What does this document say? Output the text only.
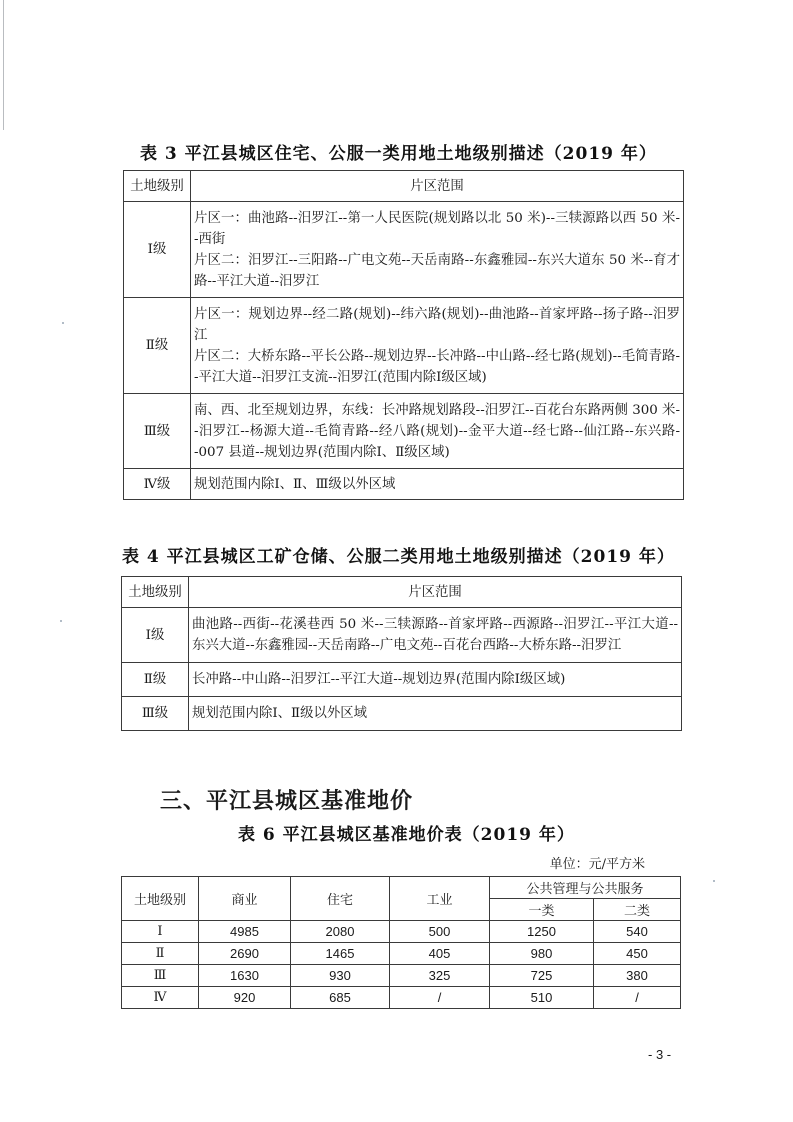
表 3 平江县城区住宅、公服一类用地土地级别描述（2019 年）
土地级别	片区范围
Ⅰ级	片区一：曲池路--汨罗江--第一人民医院(规划路以北 50 米)--三犊源路以西 50 米--西街
片区二：汨罗江--三阳路--广电文苑--天岳南路--东鑫雅园--东兴大道东 50 米--育才路--平江大道--汨罗江
Ⅱ级	片区一：规划边界--经二路(规划)--纬六路(规划)--曲池路--首家坪路--扬子路--汨罗江
片区二：大桥东路--平长公路--规划边界--长冲路--中山路--经七路(规划)--毛简青路--平江大道--汨罗江支流--汨罗江(范围内除Ⅰ级区域)
Ⅲ级	南、西、北至规划边界，东线：长冲路规划路段--汨罗江--百花台东路两侧 300 米--汨罗江--杨源大道--毛简青路--经八路(规划)--金平大道--经七路--仙江路--东兴路--007 县道--规划边界(范围内除Ⅰ、Ⅱ级区域)
Ⅳ级	规划范围内除Ⅰ、Ⅱ、Ⅲ级以外区域
表 4 平江县城区工矿仓储、公服二类用地土地级别描述（2019 年）
土地级别	片区范围
Ⅰ级	曲池路--西街--花溪巷西 50 米--三犊源路--首家坪路--西源路--汨罗江--平江大道--东兴大道--东鑫雅园--天岳南路--广电文苑--百花台西路--大桥东路--汨罗江
Ⅱ级	长冲路--中山路--汨罗江--平江大道--规划边界(范围内除Ⅰ级区域)
Ⅲ级	规划范围内除Ⅰ、Ⅱ级以外区域
三、平江县城区基准地价
表 6 平江县城区基准地价表（2019 年）
单位：元/平方米
土地级别	商业	住宅	工业	公共管理与公共服务	
				一类	二类
Ⅰ	4985	2080	500	1250	540
Ⅱ	2690	1465	405	980	450
Ⅲ	1630	930	325	725	380
Ⅳ	920	685	/	510	/
- 3 -
